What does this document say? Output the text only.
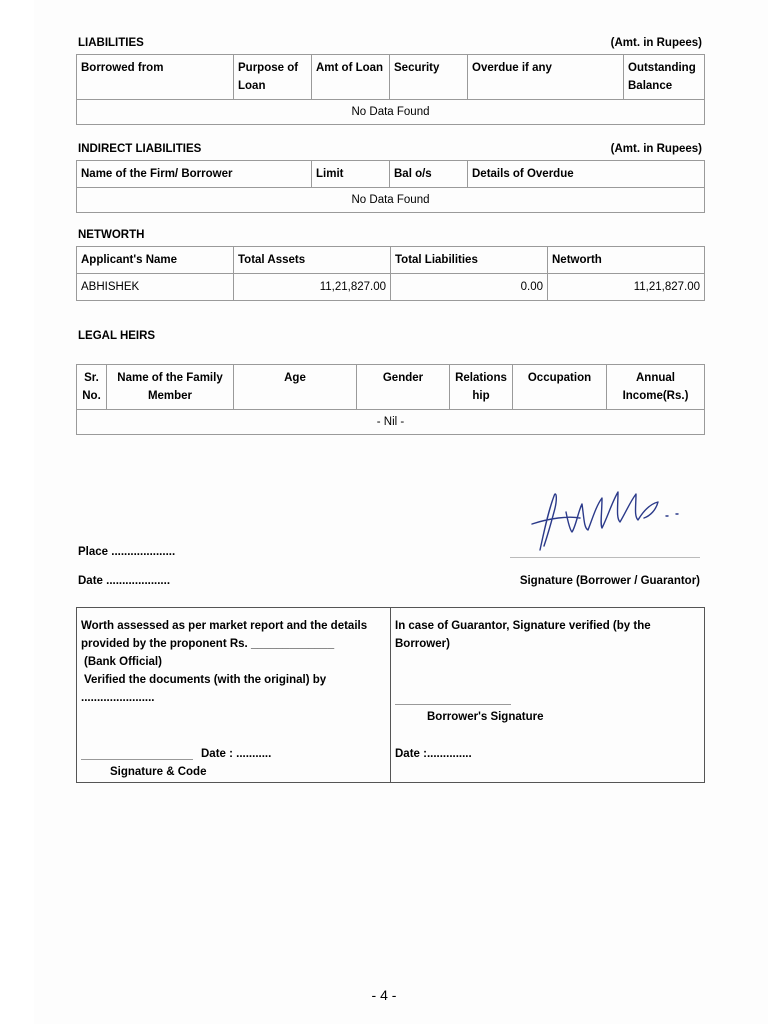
LIABILITIES	(Amt. in Rupees)
Borrowed from	Purpose of Loan	Amt of Loan	Security	Overdue if any	Outstanding Balance
No Data Found
INDIRECT LIABILITIES	(Amt. in Rupees)
Name of the Firm/ Borrower	Limit	Bal o/s	Details of Overdue
No Data Found
NETWORTH
Applicant's Name	Total Assets	Total Liabilities	Networth
ABHISHEK	11,21,827.00	0.00	11,21,827.00
LEGAL HEIRS
Sr. No.	Name of the Family Member	Age	Gender	Relations hip	Occupation	Annual Income(Rs.)
- Nil -
Place ....................
Date ....................	Signature (Borrower / Guarantor)
Worth assessed as per market report and the details
provided by the proponent Rs. _____________
(Bank Official)
Verified the documents (with the original) by
.......................
Date : ...........
Signature & Code
In case of Guarantor, Signature verified (by the
Borrower)
Borrower's Signature
Date :..............
- 4 -
